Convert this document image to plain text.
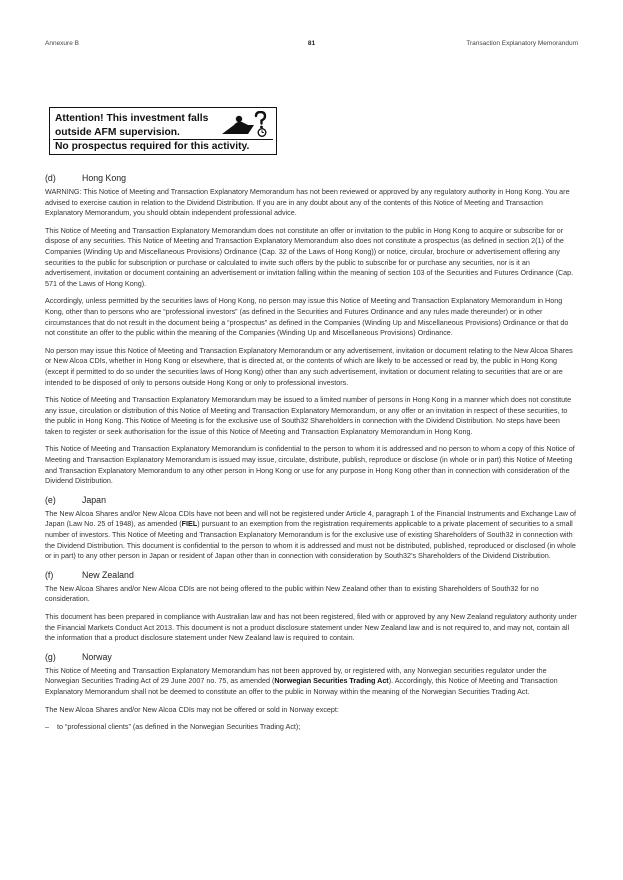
Annexure B	81	Transaction Explanatory Memorandum
Attention! This investment falls
outside AFM supervision.
No prospectus required for this activity.
(d)	Hong Kong

WARNING: This Notice of Meeting and Transaction Explanatory Memorandum has not been reviewed or approved by any regulatory authority in Hong Kong. You are advised to exercise caution in relation to the Dividend Distribution. If you are in any doubt about any of the contents of this Notice of Meeting and Transaction Explanatory Memorandum, you should obtain independent professional advice.

This Notice of Meeting and Transaction Explanatory Memorandum does not constitute an offer or invitation to the public in Hong Kong to acquire or subscribe for or dispose of any securities. This Notice of Meeting and Transaction Explanatory Memorandum also does not constitute a prospectus (as defined in section 2(1) of the Companies (Winding Up and Miscellaneous Provisions) Ordinance (Cap. 32 of the Laws of Hong Kong)) or notice, circular, brochure or advertisement offering any securities to the public for subscription or purchase or calculated to invite such offers by the public to subscribe for or purchase any securities, nor is it an advertisement, invitation or document containing an advertisement or invitation falling within the meaning of section 103 of the Securities and Futures Ordinance (Cap. 571 of the Laws of Hong Kong).

Accordingly, unless permitted by the securities laws of Hong Kong, no person may issue this Notice of Meeting and Transaction Explanatory Memorandum in Hong Kong, other than to persons who are “professional investors” (as defined in the Securities and Futures Ordinance and any rules made thereunder) or in other circumstances that do not result in the document being a “prospectus” as defined in the Companies (Winding Up and Miscellaneous Provisions) Ordinance or that do not constitute an offer to the public within the meaning of the Companies (Winding Up and Miscellaneous Provisions) Ordinance.

No person may issue this Notice of Meeting and Transaction Explanatory Memorandum or any advertisement, invitation or document relating to the New Alcoa Shares or New Alcoa CDIs, whether in Hong Kong or elsewhere, that is directed at, or the contents of which are likely to be accessed or read by, the public in Hong Kong (except if permitted to do so under the securities laws of Hong Kong) other than any such advertisement, invitation or document relating to securities that are or are intended to be disposed of only to persons outside Hong Kong or only to professional investors.

This Notice of Meeting and Transaction Explanatory Memorandum may be issued to a limited number of persons in Hong Kong in a manner which does not constitute any issue, circulation or distribution of this Notice of Meeting and Transaction Explanatory Memorandum, or any offer or an invitation in respect of these securities, to the public in Hong Kong. This Notice of Meeting is for the exclusive use of South32 Shareholders in connection with the Dividend Distribution. No steps have been taken to register or seek authorisation for the issue of this Notice of Meeting and Transaction Explanatory Memorandum in Hong Kong.

This Notice of Meeting and Transaction Explanatory Memorandum is confidential to the person to whom it is addressed and no person to whom a copy of this Notice of Meeting and Transaction Explanatory Memorandum is issued may issue, circulate, distribute, publish, reproduce or disclose (in whole or in part) this Notice of Meeting and Transaction Explanatory Memorandum to any other person in Hong Kong or use for any purpose in Hong Kong other than in connection with consideration of the Dividend Distribution.

(e)	Japan

The New Alcoa Shares and/or New Alcoa CDIs have not been and will not be registered under Article 4, paragraph 1 of the Financial Instruments and Exchange Law of Japan (Law No. 25 of 1948), as amended (FIEL) pursuant to an exemption from the registration requirements applicable to a private placement of securities to a small number of investors. This Notice of Meeting and Transaction Explanatory Memorandum is for the exclusive use of existing Shareholders of South32 in connection with the Dividend Distribution. This document is confidential to the person to whom it is addressed and must not be distributed, published, reproduced or disclosed (in whole or in part) to any other person in Japan or resident of Japan other than in connection with consideration by South32’s Shareholders of the Dividend Distribution.

(f)	New Zealand

The New Alcoa Shares and/or New Alcoa CDIs are not being offered to the public within New Zealand other than to existing Shareholders of South32 for no consideration.

This document has been prepared in compliance with Australian law and has not been registered, filed with or approved by any New Zealand regulatory authority under the Financial Markets Conduct Act 2013. This document is not a product disclosure statement under New Zealand law and is not required to, and may not, contain all the information that a product disclosure statement under New Zealand law is required to contain.

(g)	Norway

This Notice of Meeting and Transaction Explanatory Memorandum has not been approved by, or registered with, any Norwegian securities regulator under the Norwegian Securities Trading Act of 29 June 2007 no. 75, as amended (Norwegian Securities Trading Act). Accordingly, this Notice of Meeting and Transaction Explanatory Memorandum shall not be deemed to constitute an offer to the public in Norway within the meaning of the Norwegian Securities Trading Act.

The New Alcoa Shares and/or New Alcoa CDIs may not be offered or sold in Norway except:

– to “professional clients” (as defined in the Norwegian Securities Trading Act);
